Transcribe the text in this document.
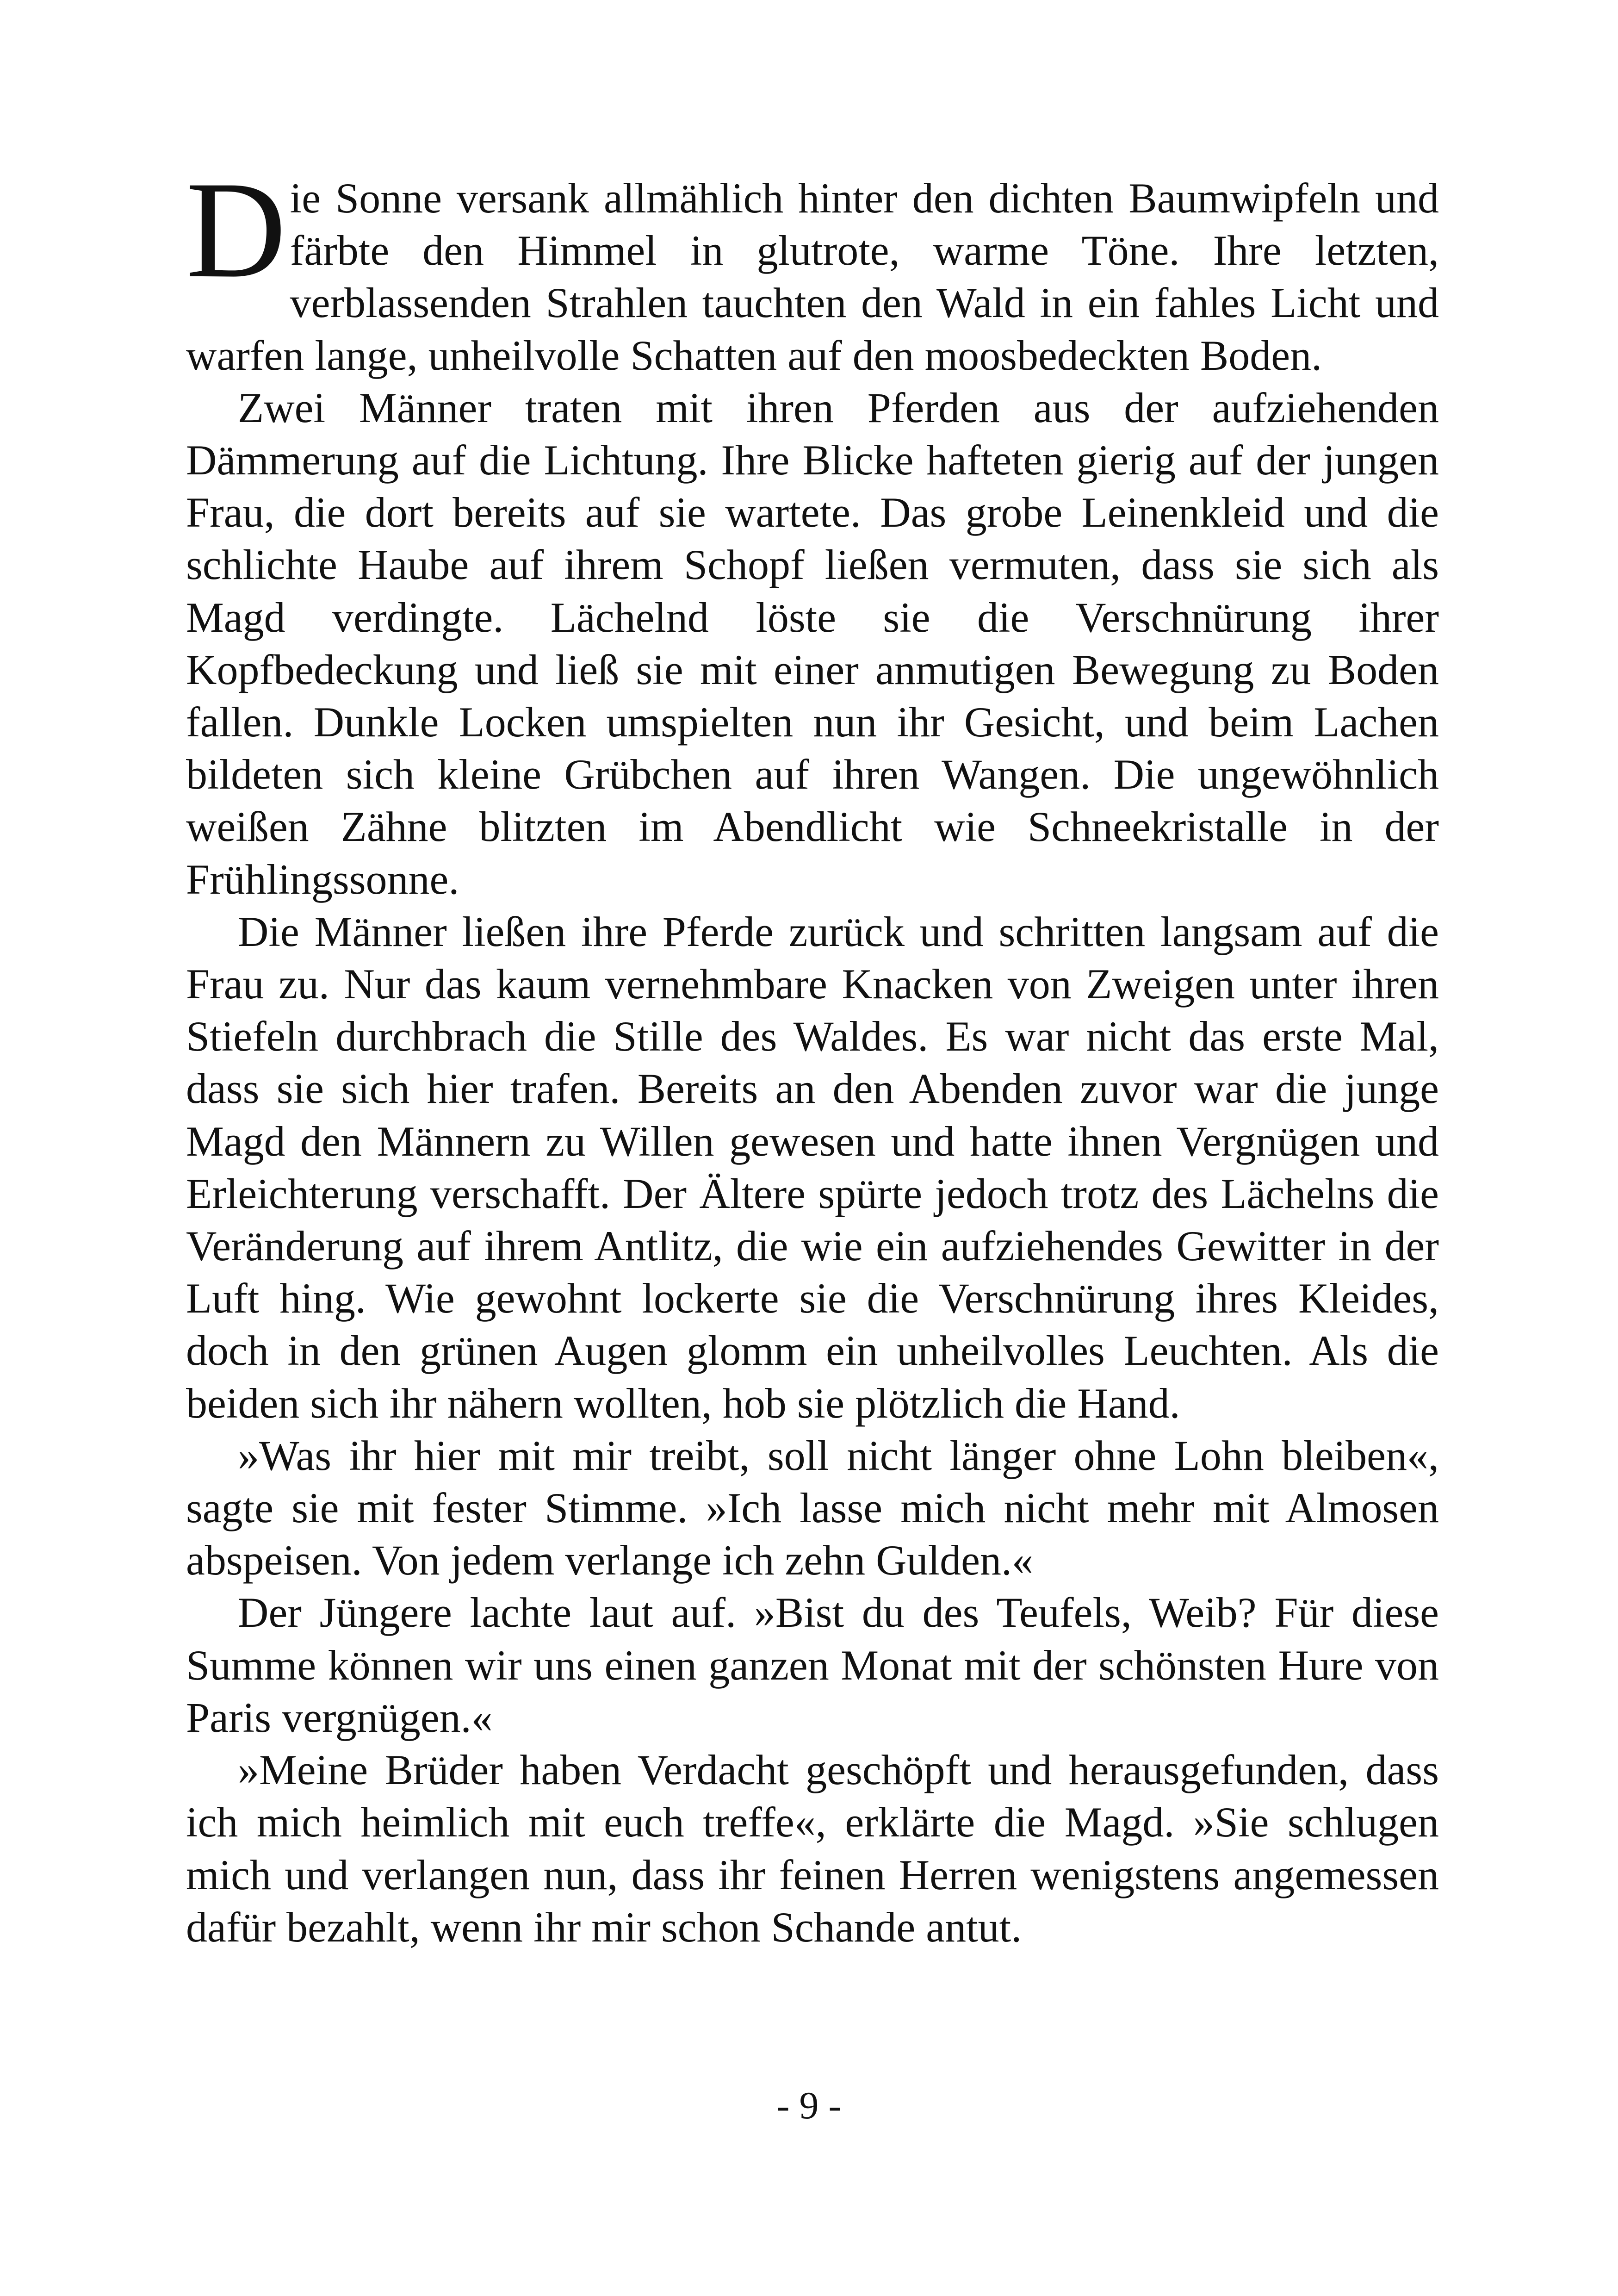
Die Sonne versank allmählich hinter den dichten Baumwipfeln und färbte den Himmel in glutrote, warme Töne. Ihre letzten, verblassenden Strahlen tauchten den Wald in ein fahles Licht und warfen lange, unheilvolle Schatten auf den moosbedeckten Boden.

Zwei Männer traten mit ihren Pferden aus der aufziehenden Dämmerung auf die Lichtung. Ihre Blicke hafteten gierig auf der jungen Frau, die dort bereits auf sie wartete. Das grobe Leinenkleid und die schlichte Haube auf ihrem Schopf ließen vermuten, dass sie sich als Magd verdingte. Lächelnd löste sie die Verschnürung ihrer Kopfbedeckung und ließ sie mit einer anmutigen Bewegung zu Boden fallen. Dunkle Locken umspielten nun ihr Gesicht, und beim Lachen bildeten sich kleine Grübchen auf ihren Wangen. Die ungewöhnlich weißen Zähne blitzten im Abendlicht wie Schneekristalle in der Frühlingssonne.

Die Männer ließen ihre Pferde zurück und schritten langsam auf die Frau zu. Nur das kaum vernehmbare Knacken von Zweigen unter ihren Stiefeln durchbrach die Stille des Waldes. Es war nicht das erste Mal, dass sie sich hier trafen. Bereits an den Abenden zuvor war die junge Magd den Männern zu Willen gewesen und hatte ihnen Vergnügen und Erleichterung verschafft. Der Ältere spürte jedoch trotz des Lächelns die Veränderung auf ihrem Antlitz, die wie ein aufziehendes Gewitter in der Luft hing. Wie gewohnt lockerte sie die Verschnürung ihres Kleides, doch in den grünen Augen glomm ein unheilvolles Leuchten. Als die beiden sich ihr nähern wollten, hob sie plötzlich die Hand.

»Was ihr hier mit mir treibt, soll nicht länger ohne Lohn bleiben«, sagte sie mit fester Stimme. »Ich lasse mich nicht mehr mit Almosen abspeisen. Von jedem verlange ich zehn Gulden.«

Der Jüngere lachte laut auf. »Bist du des Teufels, Weib? Für diese Summe können wir uns einen ganzen Monat mit der schönsten Hure von Paris vergnügen.«

»Meine Brüder haben Verdacht geschöpft und herausgefunden, dass ich mich heimlich mit euch treffe«, erklärte die Magd. »Sie schlugen mich und verlangen nun, dass ihr feinen Herren wenigstens angemessen dafür bezahlt, wenn ihr mir schon Schande antut.

- 9 -
